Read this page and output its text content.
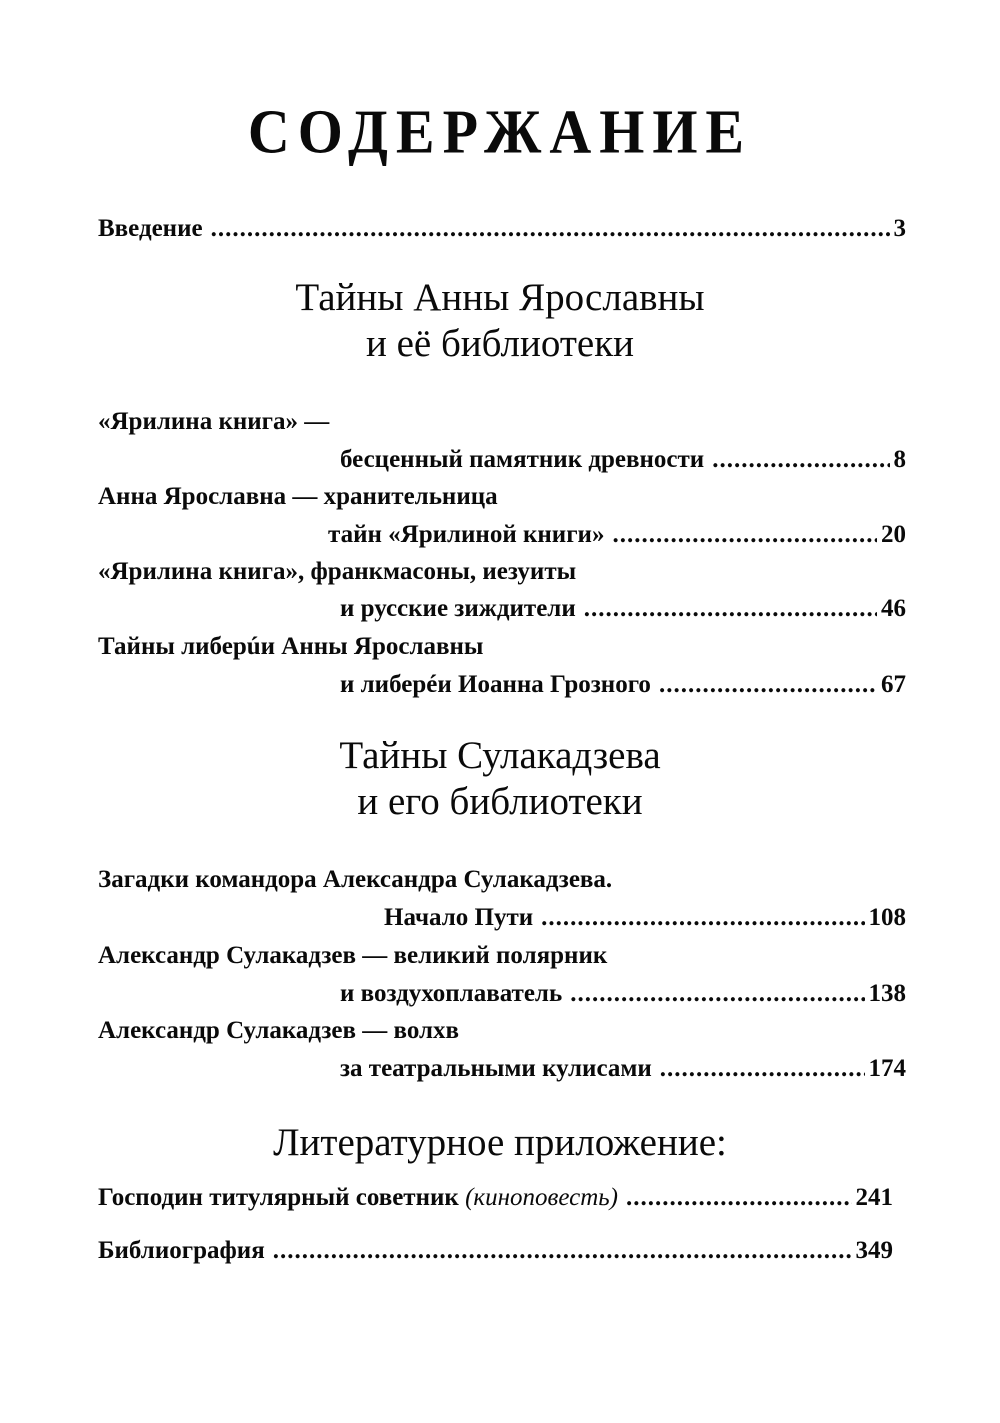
СОДЕРЖАНИЕ
Введение .....	3
Тайны Анны Ярославны
и её библиотеки
«Ярилина книга» —
бесценный памятник древности .....	8
Анна Ярославна — хранительница
тайн «Ярилиной книги» .....	20
«Ярилина книга», франкмасоны, иезуиты
и русские зиждители .....	46
Тайны либерúи Анны Ярославны
и либерéи Иоанна Грозного .....	67
Тайны Сулакадзева
и его библиотеки
Загадки командора Александра Сулакадзева.
Начало Пути .....	108
Александр Сулакадзев — великий полярник
и воздухоплаватель .....	138
Александр Сулакадзев — волхв
за театральными кулисами .....	174
Литературное приложение:
Господин титулярный советник (киноповесть) .....	241
Библиография .....	349
